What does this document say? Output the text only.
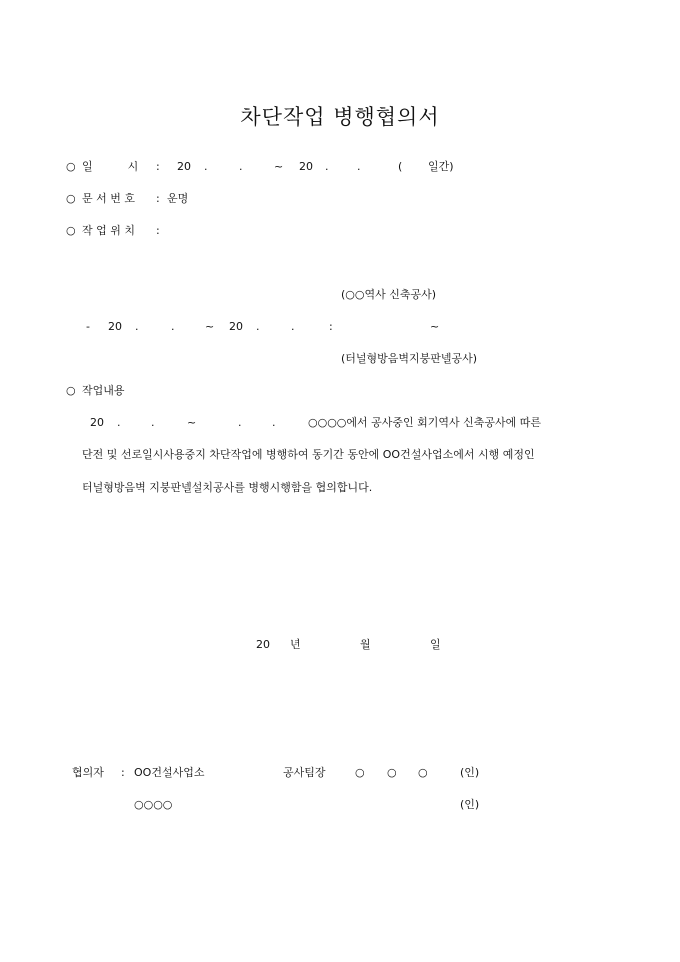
차단작업 병행협의서
○ 일          시 : 20 .	.	~ 20 .	.	( 일간)
○ 문 서 번 호 : 운명
○ 작 업 위 치 :
(○○역사 신축공사)
- 20 .	.	~ 20 .	.	:	~
(터널형방음벽지붕판넬공사)
○ 작업내용
20 .	.	~	.	.	○○○○에서 공사중인 회기역사 신축공사에 따른
단전 및 선로일시사용중지 차단작업에 병행하여 동기간 동안에 OO건설사업소에서 시행 예정인
터널형방음벽 지붕판넬설치공사를 병행시행함을 협의합니다.
20 년	월	일
협의자 : OO건설사업소	공사팀장	○ ○ ○	(인)
○○○○	(인)
